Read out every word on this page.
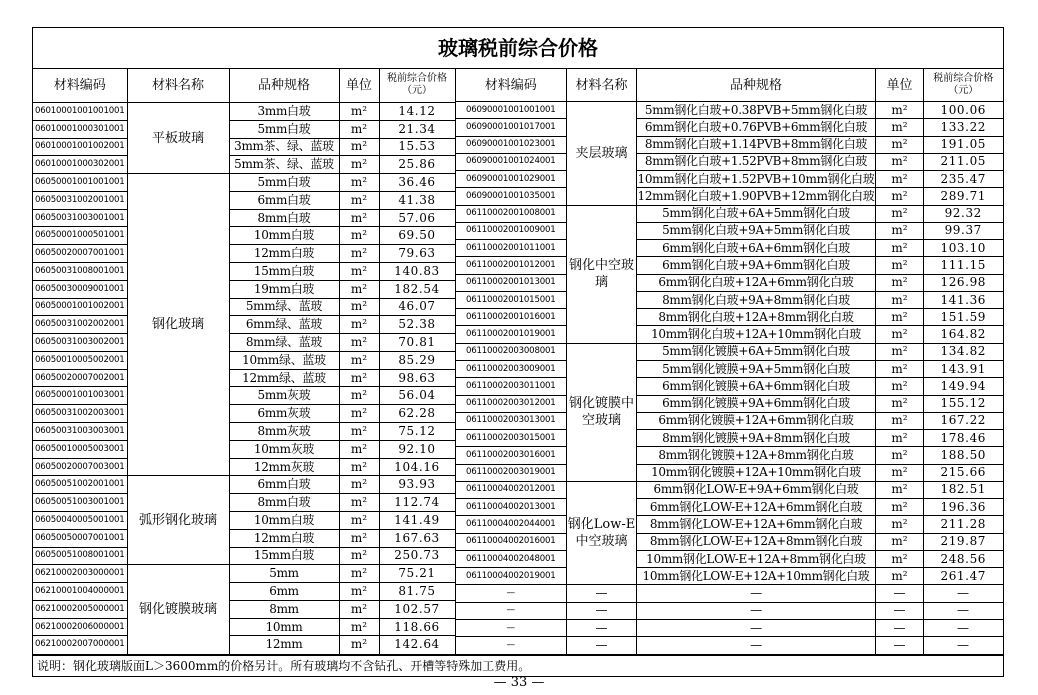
玻璃税前综合价格
材料编码	材料名称	品种规格	单位	税前综合价格
（元）
06010001001001001	平板玻璃	3mm白玻	m²	14.12
06010001000301001		5mm白玻	m²	21.34
06010001001002001		3mm茶、绿、蓝玻	m²	15.53
06010001000302001		5mm茶、绿、蓝玻	m²	25.86
06050001001001001	钢化玻璃	5mm白玻	m²	36.46
06050031002001001		6mm白玻	m²	41.38
06050031003001001		8mm白玻	m²	57.06
06050001000501001		10mm白玻	m²	69.50
06050020007001001		12mm白玻	m²	79.63
06050031008001001		15mm白玻	m²	140.83
06050030009001001		19mm白玻	m²	182.54
06050001001002001		5mm绿、蓝玻	m²	46.07
06050031002002001		6mm绿、蓝玻	m²	52.38
06050031003002001		8mm绿、蓝玻	m²	70.81
06050010005002001		10mm绿、蓝玻	m²	85.29
06050020007002001		12mm绿、蓝玻	m²	98.63
06050001001003001		5mm灰玻	m²	56.04
06050031002003001		6mm灰玻	m²	62.28
06050031003003001		8mm灰玻	m²	75.12
06050010005003001		10mm灰玻	m²	92.10
06050020007003001		12mm灰玻	m²	104.16
06050051002001001	弧形钢化玻璃	6mm白玻	m²	93.93
06050051003001001		8mm白玻	m²	112.74
06050040005001001		10mm白玻	m²	141.49
06050050007001001		12mm白玻	m²	167.63
06050051008001001		15mm白玻	m²	250.73
06210002003000001	钢化镀膜玻璃	5mm	m²	75.21
06210001004000001		6mm	m²	81.75
06210002005000001		8mm	m²	102.57
06210002006000001		10mm	m²	118.66
06210002007000001		12mm	m²	142.64
材料编码	材料名称	品种规格	单位	税前综合价格
（元）
06090001001001001	夹层玻璃	5mm钢化白玻+0.38PVB+5mm钢化白玻	m²	100.06
06090001001017001		6mm钢化白玻+0.76PVB+6mm钢化白玻	m²	133.22
06090001001023001		8mm钢化白玻+1.14PVB+8mm钢化白玻	m²	191.05
06090001001024001		8mm钢化白玻+1.52PVB+8mm钢化白玻	m²	211.05
06090001001029001		10mm钢化白玻+1.52PVB+10mm钢化白玻	m²	235.47
06090001001035001		12mm钢化白玻+1.90PVB+12mm钢化白玻	m²	289.71
06110002001008001	钢化中空玻璃	5mm钢化白玻+6A+5mm钢化白玻	m²	92.32
06110002001009001		5mm钢化白玻+9A+5mm钢化白玻	m²	99.37
06110002001011001		6mm钢化白玻+6A+6mm钢化白玻	m²	103.10
06110002001012001		6mm钢化白玻+9A+6mm钢化白玻	m²	111.15
06110002001013001		6mm钢化白玻+12A+6mm钢化白玻	m²	126.98
06110002001015001		8mm钢化白玻+9A+8mm钢化白玻	m²	141.36
06110002001016001		8mm钢化白玻+12A+8mm钢化白玻	m²	151.59
06110002001019001		10mm钢化白玻+12A+10mm钢化白玻	m²	164.82
06110002003008001	钢化镀膜中空玻璃	5mm钢化镀膜+6A+5mm钢化白玻	m²	134.82
06110002003009001		5mm钢化镀膜+9A+5mm钢化白玻	m²	143.91
06110002003011001		6mm钢化镀膜+6A+6mm钢化白玻	m²	149.94
06110002003012001		6mm钢化镀膜+9A+6mm钢化白玻	m²	155.12
06110002003013001		6mm钢化镀膜+12A+6mm钢化白玻	m²	167.22
06110002003015001		8mm钢化镀膜+9A+8mm钢化白玻	m²	178.46
06110002003016001		8mm钢化镀膜+12A+8mm钢化白玻	m²	188.50
06110002003019001		10mm钢化镀膜+12A+10mm钢化白玻	m²	215.66
06110004002012001	钢化Low-E中空玻璃	6mm钢化LOW-E+9A+6mm钢化白玻	m²	182.51
06110004002013001		6mm钢化LOW-E+12A+6mm钢化白玻	m²	196.36
06110004002044001		8mm钢化LOW-E+12A+6mm钢化白玻	m²	211.28
06110004002016001		8mm钢化LOW-E+12A+8mm钢化白玻	m²	219.87
06110004002048001		10mm钢化LOW-E+12A+8mm钢化白玻	m²	248.56
06110004002019001		10mm钢化LOW-E+12A+10mm钢化白玻	m²	261.47
—	—	—	—	—
—	—	—	—	—
—	—	—	—	—
—	—	—	—	—
说明：钢化玻璃版面L＞3600mm的价格另计。所有玻璃均不含钻孔、开槽等特殊加工费用。
— 33 —
